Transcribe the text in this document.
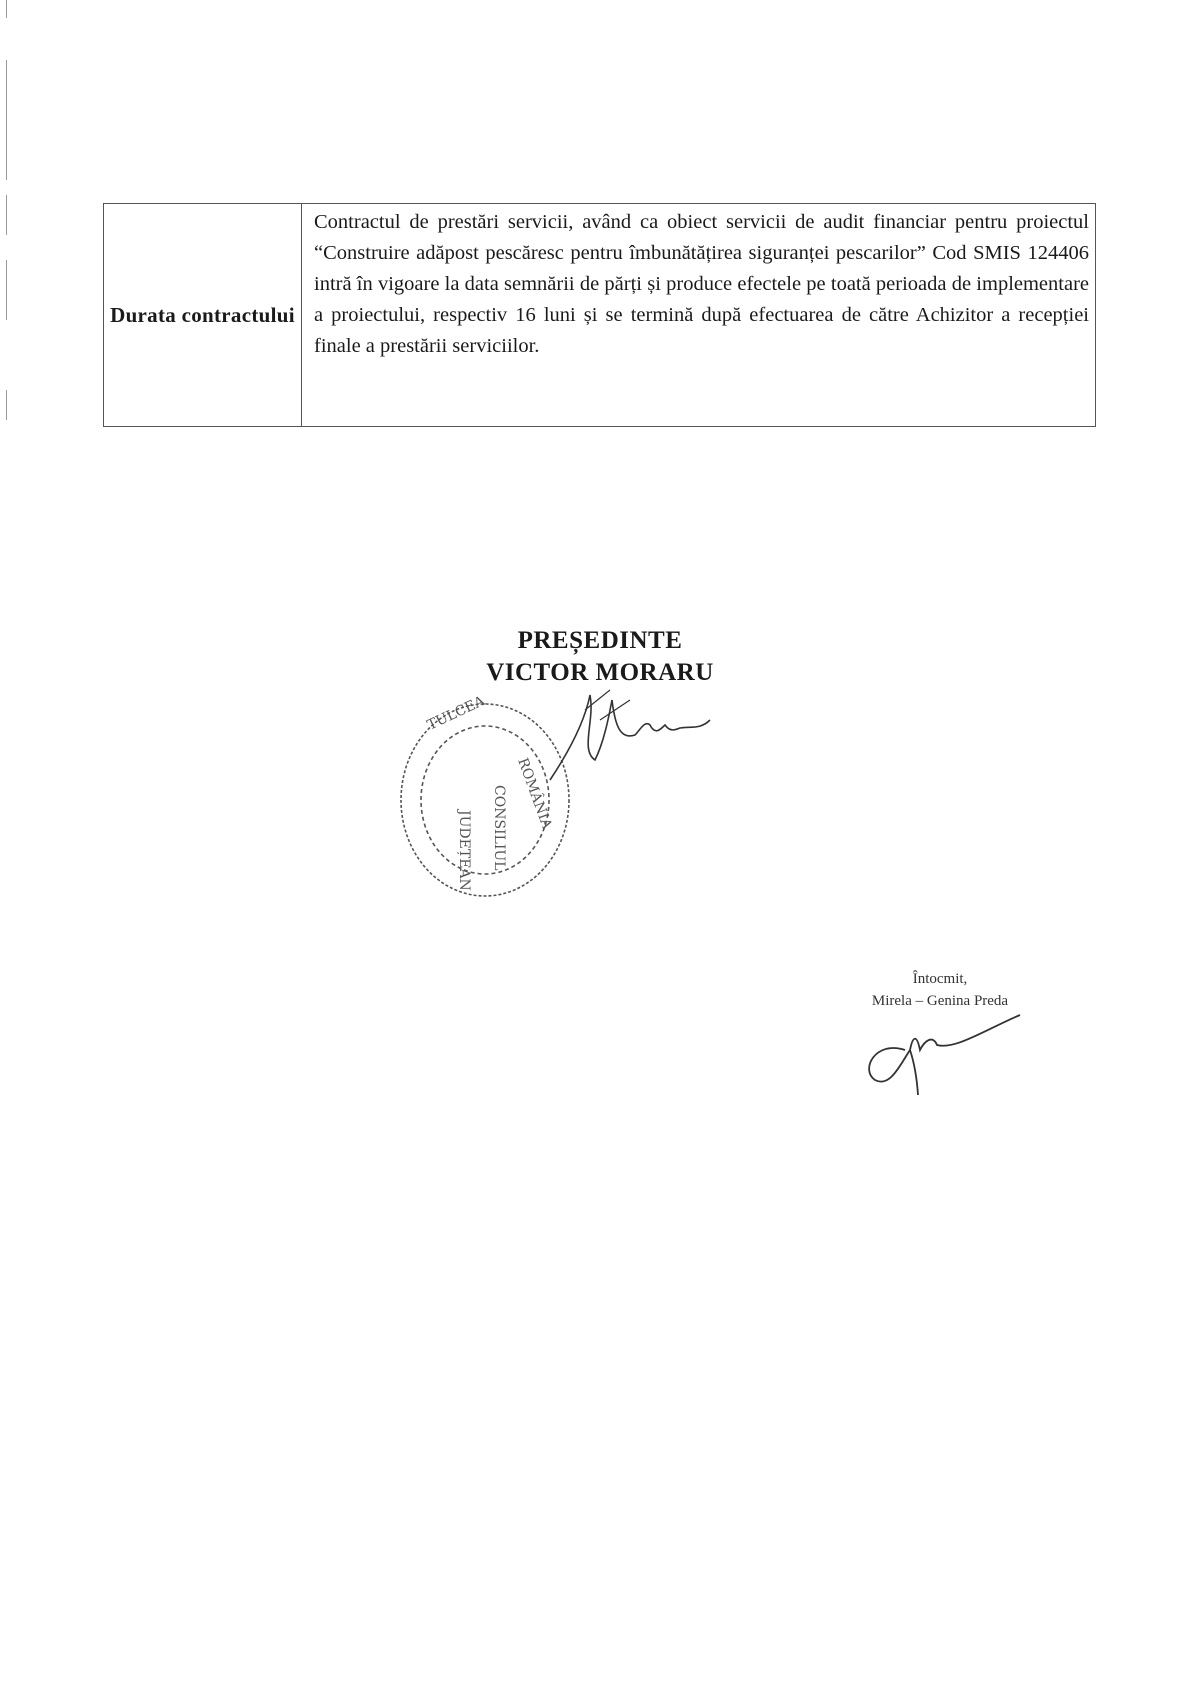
Durata contractului

Contractul de prestări servicii, având ca obiect servicii de audit financiar pentru proiectul “Construire adăpost pescăresc pentru îmbunătățirea siguranței pescarilor” Cod SMIS 124406 intră în vigoare la data semnării de părți și produce efectele pe toată perioada de implementare a proiectului, respectiv 16 luni și se termină după efectuarea de către Achizitor a recepției finale a prestării serviciilor.

PREȘEDINTE
VICTOR MORARU
TULCEA
ROMÂNIA
JUDEȚEAN CONSILIUL
Întocmit,
Mirela – Genina Preda
